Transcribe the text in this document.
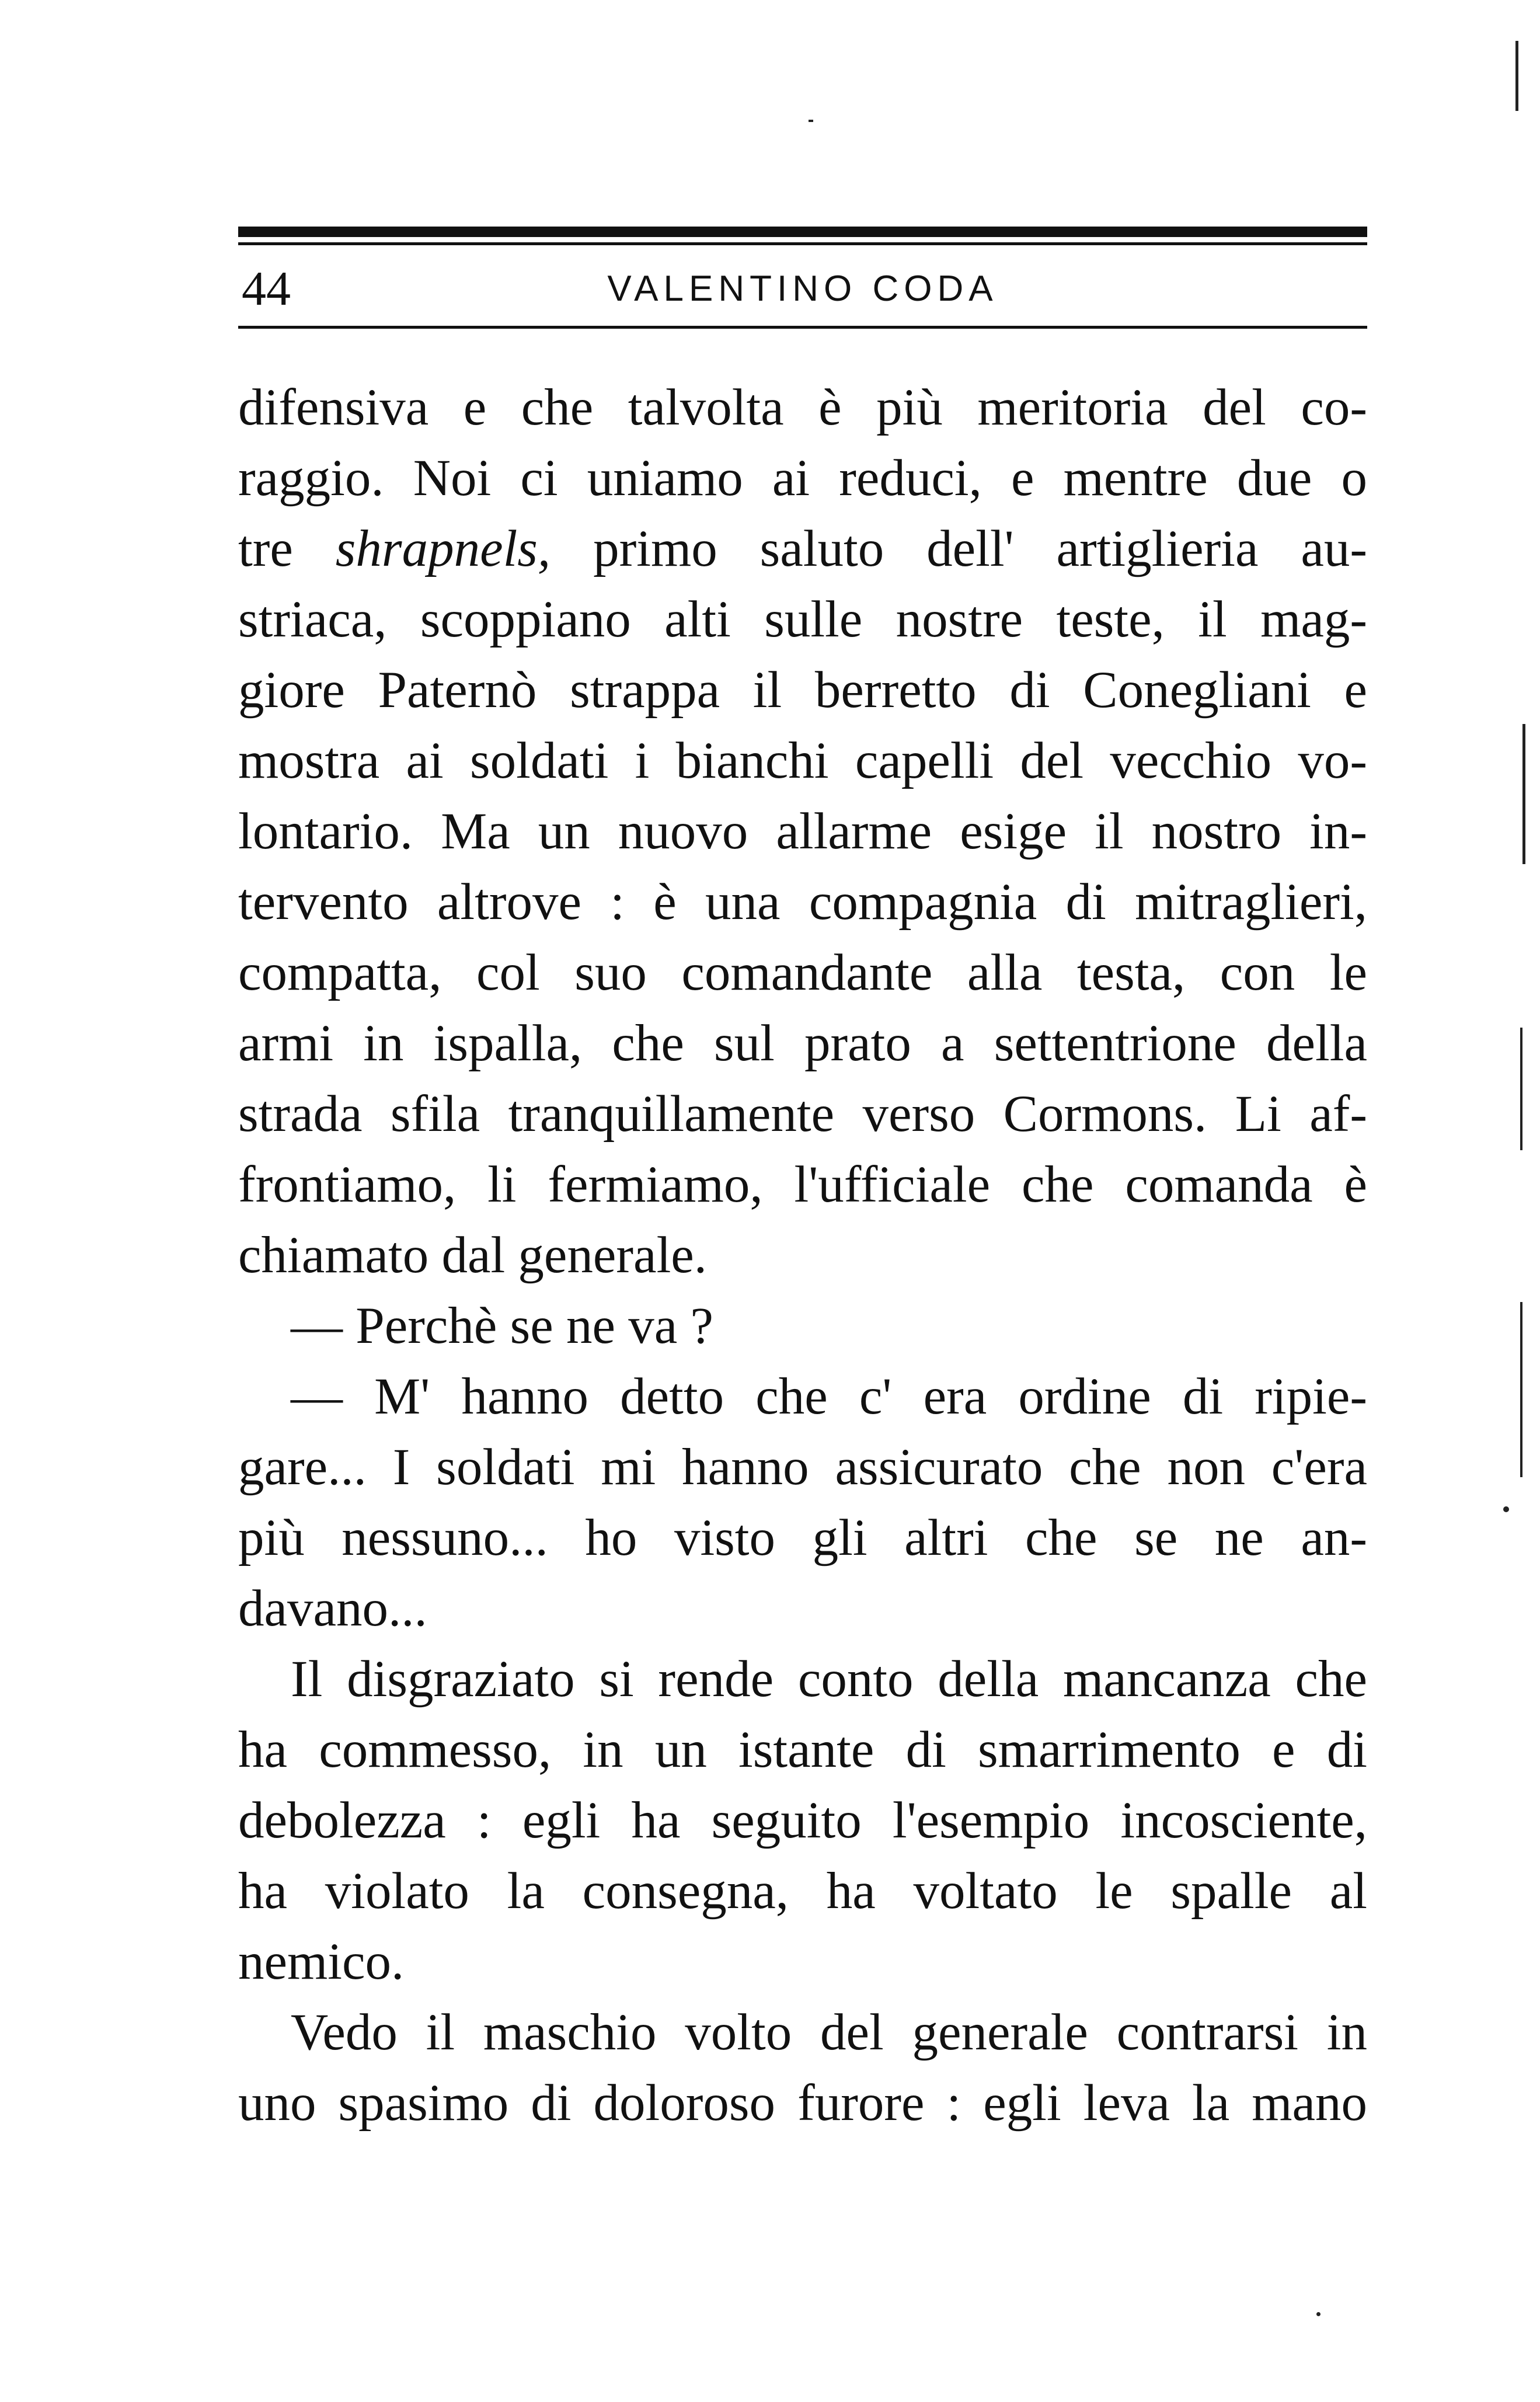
44	VALENTINO CODA
difensiva e che talvolta è più meritoria del co-
raggio. Noi ci uniamo ai reduci, e mentre due o
tre shrapnels, primo saluto dell' artiglieria au-
striaca, scoppiano alti sulle nostre teste, il mag-
giore Paternò strappa il berretto di Conegliani e
mostra ai soldati i bianchi capelli del vecchio vo-
lontario. Ma un nuovo allarme esige il nostro in-
tervento altrove : è una compagnia di mitraglieri,
compatta, col suo comandante alla testa, con le
armi in ispalla, che sul prato a settentrione della
strada sfila tranquillamente verso Cormons. Li af-
frontiamo, li fermiamo, l'ufficiale che comanda è
chiamato dal generale.
— Perchè se ne va ?
— M' hanno detto che c' era ordine di ripie-
gare... I soldati mi hanno assicurato che non c'era
più nessuno... ho visto gli altri che se ne an-
davano...
Il disgraziato si rende conto della mancanza che
ha commesso, in un istante di smarrimento e di
debolezza : egli ha seguito l'esempio incosciente,
ha violato la consegna, ha voltato le spalle al
nemico.
Vedo il maschio volto del generale contrarsi in
uno spasimo di doloroso furore : egli leva la mano
